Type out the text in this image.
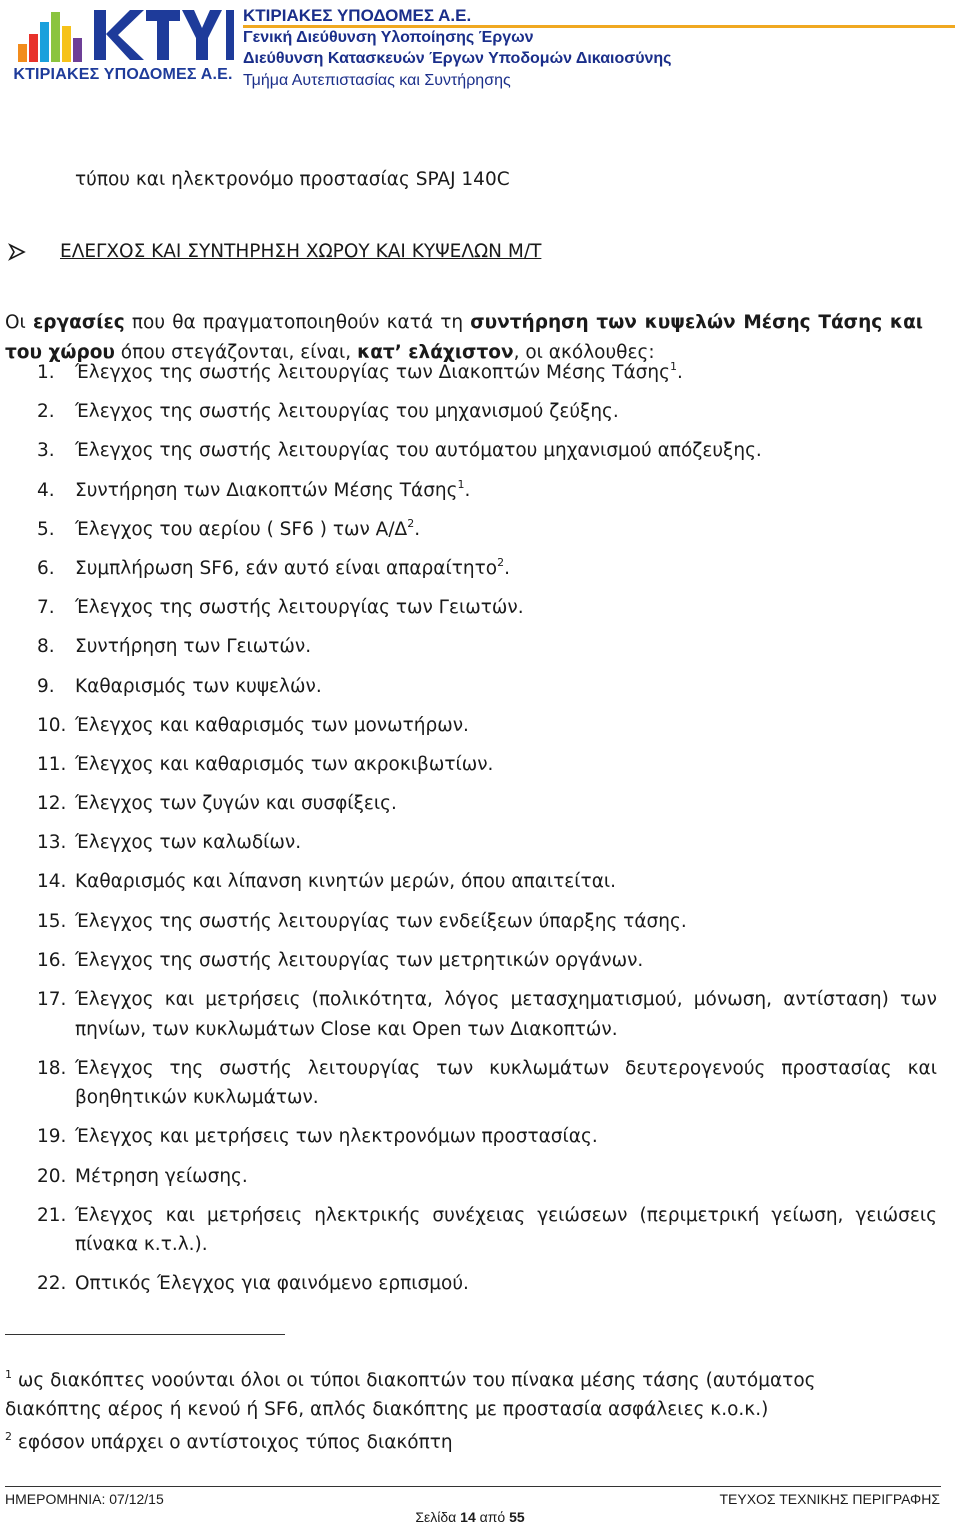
ΚΤΙΡΙΑΚΕΣ ΥΠΟΔΟΜΕΣ Α.Ε.
ΚΤΙΡΙΑΚΕΣ ΥΠΟΔΟΜΕΣ Α.Ε.
Γενική Διεύθυνση Υλοποίησης Έργων
Διεύθυνση Κατασκευών Έργων Υποδομών Δικαιοσύνης
Τμήμα Αυτεπιστασίας και Συντήρησης
τύπου και ηλεκτρονόμο προστασίας SPAJ 140C
ΕΛΕΓΧΟΣ ΚΑΙ ΣΥΝΤΗΡΗΣΗ ΧΩΡΟΥ ΚΑΙ ΚΥΨΕΛΩΝ Μ/Τ

Οι εργασίες που θα πραγματοποιηθούν κατά τη συντήρηση των κυψελών Μέσης Τάσης και του χώρου όπου στεγάζονται, είναι, κατ’ ελάχιστον, οι ακόλουθες:

1. Έλεγχος της σωστής λειτουργίας των Διακοπτών Μέσης Τάσης$^1$.
2. Έλεγχος της σωστής λειτουργίας του μηχανισμού ζεύξης.
3. Έλεγχος της σωστής λειτουργίας του αυτόματου μηχανισμού απόζευξης.
4. Συντήρηση των Διακοπτών Μέσης Τάσης$^1$.
5. Έλεγχος του αερίου ( SF6 ) των $A/\Delta^2$.
6. Συμπλήρωση SF6, εάν αυτό είναι απαραίτητο$^2$.
7. Έλεγχος της σωστής λειτουργίας των Γειωτών.
8. Συντήρηση των Γειωτών.
9. Καθαρισμός των κυψελών.
10. Έλεγχος και καθαρισμός των μονωτήρων.
11. Έλεγχος και καθαρισμός των ακροκιβωτίων.
12. Έλεγχος των ζυγών και συσφίξεις.
13. Έλεγχος των καλωδίων.
14. Καθαρισμός και λίπανση κινητών μερών, όπου απαιτείται.
15. Έλεγχος της σωστής λειτουργίας των ενδείξεων ύπαρξης τάσης.
16. Έλεγχος της σωστής λειτουργίας των μετρητικών οργάνων.
17. Έλεγχος και μετρήσεις (πολικότητα, λόγος μετασχηματισμού, μόνωση, αντίσταση) των πηνίων, των κυκλωμάτων Close και Open των Διακοπτών.
18. Έλεγχος της σωστής λειτουργίας των κυκλωμάτων δευτερογενούς προστασίας και βοηθητικών κυκλωμάτων.
19. Έλεγχος και μετρήσεις των ηλεκτρονόμων προστασίας.
20. Μέτρηση γείωσης.
21. Έλεγχος και μετρήσεις ηλεκτρικής συνέχειας γειώσεων (περιμετρική γείωση, γειώσεις πίνακα κ.τ.λ.).
22. Οπτικός Έλεγχος για φαινόμενο ερπισμού.
$^1$ ως διακόπτες νοούνται όλοι οι τύποι διακοπτών του πίνακα μέσης τάσης (αυτόματος διακόπτης αέρος ή κενού ή SF6, απλός διακόπτης με προστασία ασφάλειες κ.ο.κ.)
$^2$ εφόσον υπάρχει ο αντίστοιχος τύπος διακόπτη
ΗΜΕΡΟΜΗΝΙΑ: 07/12/15	ΤΕΥΧΟΣ ΤΕΧΝΙΚΗΣ ΠΕΡΙΓΡΑΦΗΣ
Σελίδα 14 από 55
